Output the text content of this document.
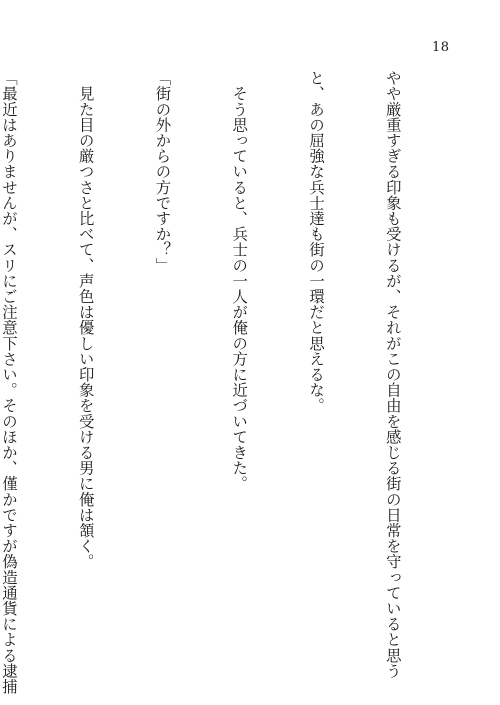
18

やや厳重すぎる印象も受けるが、それがこの自由を感じる街の日常を守っていると思う

と、あの屈強な兵士達も街の一環だと思えるな。

　そう思っていると、兵士の一人が俺の方に近づいてきた。

「街の外からの方ですか？」

　見た目の厳つさと比べて、声色は優しい印象を受ける男に俺は頷く。

「最近はありませんが、スリにご注意下さい。そのほか、僅かですが偽造通貨による逮捕
